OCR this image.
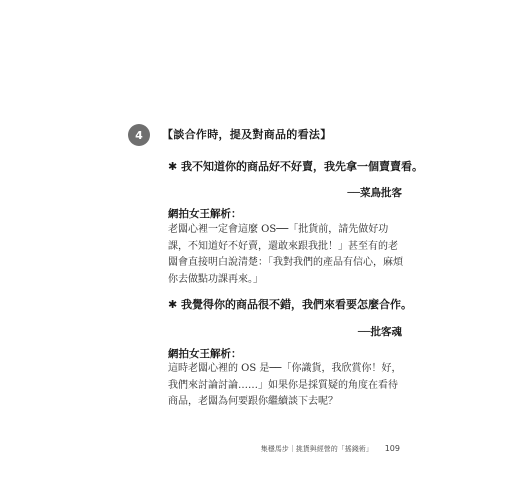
4	【談合作時，提及對商品的看法】
✱ 我不知道你的商品好不好賣，我先拿一個賣賣看。
──菜鳥批客
網拍女王解析：
老闆心裡一定會這麼 OS──「批貨前，請先做好功課，不知道好不好賣，還敢來跟我批！」甚至有的老闆會直接明白說清楚：「我對我們的產品有信心，麻煩你去做點功課再來。」
✱ 我覺得你的商品很不錯，我們來看要怎麼合作。
──批客魂
網拍女王解析：
這時老闆心裡的 OS 是──「你識貨，我欣賞你！好，我們來討論討論……」如果你是採質疑的角度在看待商品，老闆為何要跟你繼續談下去呢？
集穩馬步｜挑貨與經營的「搖錢術」 109
